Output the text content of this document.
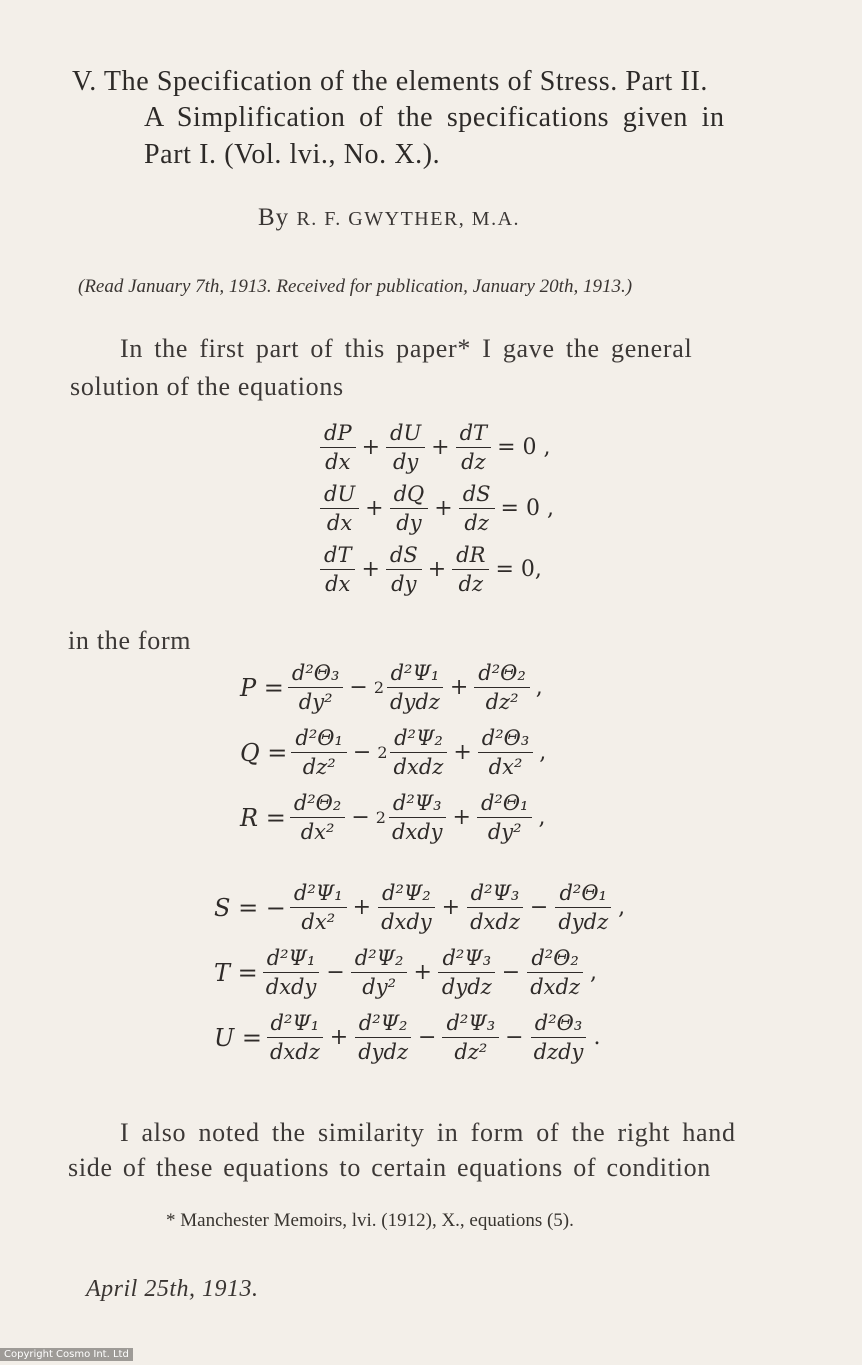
V. The Specification of the elements of Stress. Part II.
A Simplification of the specifications given in
Part I. (Vol. lvi., No. X.).
By R. F. GWYTHER, M.A.
(Read January 7th, 1913. Received for publication, January 20th, 1913.)
In the first part of this paper* I gave the general
solution of the equations
$\frac{dP}{dx} + \frac{dU}{dy} + \frac{dT}{dz} = 0$ ,
$\frac{dU}{dx} + \frac{dQ}{dy} + \frac{dS}{dz} = 0$ ,
$\frac{dT}{dx} + \frac{dS}{dy} + \frac{dR}{dz} = 0$,
in the form
$P = \frac{\text{d²Θ₃}}{\text{dy²}} - 2 \frac{\text{d²Ψ₁}}{\text{dydz}} + \frac{\text{d²Θ₂}}{\text{dz²}}$ ,
$Q = \frac{\text{d²Θ₁}}{\text{dz²}} - 2 \frac{\text{d²Ψ₂}}{\text{dxdz}} + \frac{\text{d²Θ₃}}{\text{dx²}}$ ,
$R = \frac{\text{d²Θ₂}}{\text{dx²}} - 2 \frac{\text{d²Ψ₃}}{\text{dxdy}} + \frac{\text{d²Θ₁}}{\text{dy²}}$ ,
S = − $\frac{\text{d²Ψ₁}}{\text{dx²}} + \frac{\text{d²Ψ₂}}{\text{dxdy}} + \frac{\text{d²Ψ₃}}{\text{dxdz}} - \frac{\text{d²Θ₁}}{\text{dydz}}$ ,
$T = \frac{\text{d²Ψ₁}}{\text{dxdy}} - \frac{\text{d²Ψ₂}}{\text{dy²}} + \frac{\text{d²Ψ₃}}{\text{dydz}} - \frac{\text{d²Θ₂}}{\text{dxdz}}$ ,
$U = \frac{\text{d²Ψ₁}}{\text{dxdz}} + \frac{\text{d²Ψ₂}}{\text{dydz}} - \frac{\text{d²Ψ₃}}{\text{dz²}} - \frac{\text{d²Θ₃}}{\text{dzdy}}$ .
I also noted the similarity in form of the right hand
side of these equations to certain equations of condition
* Manchester Memoirs, lvi. (1912), X., equations (5).
April 25th, 1913.
Copyright Cosmo Int. Ltd
